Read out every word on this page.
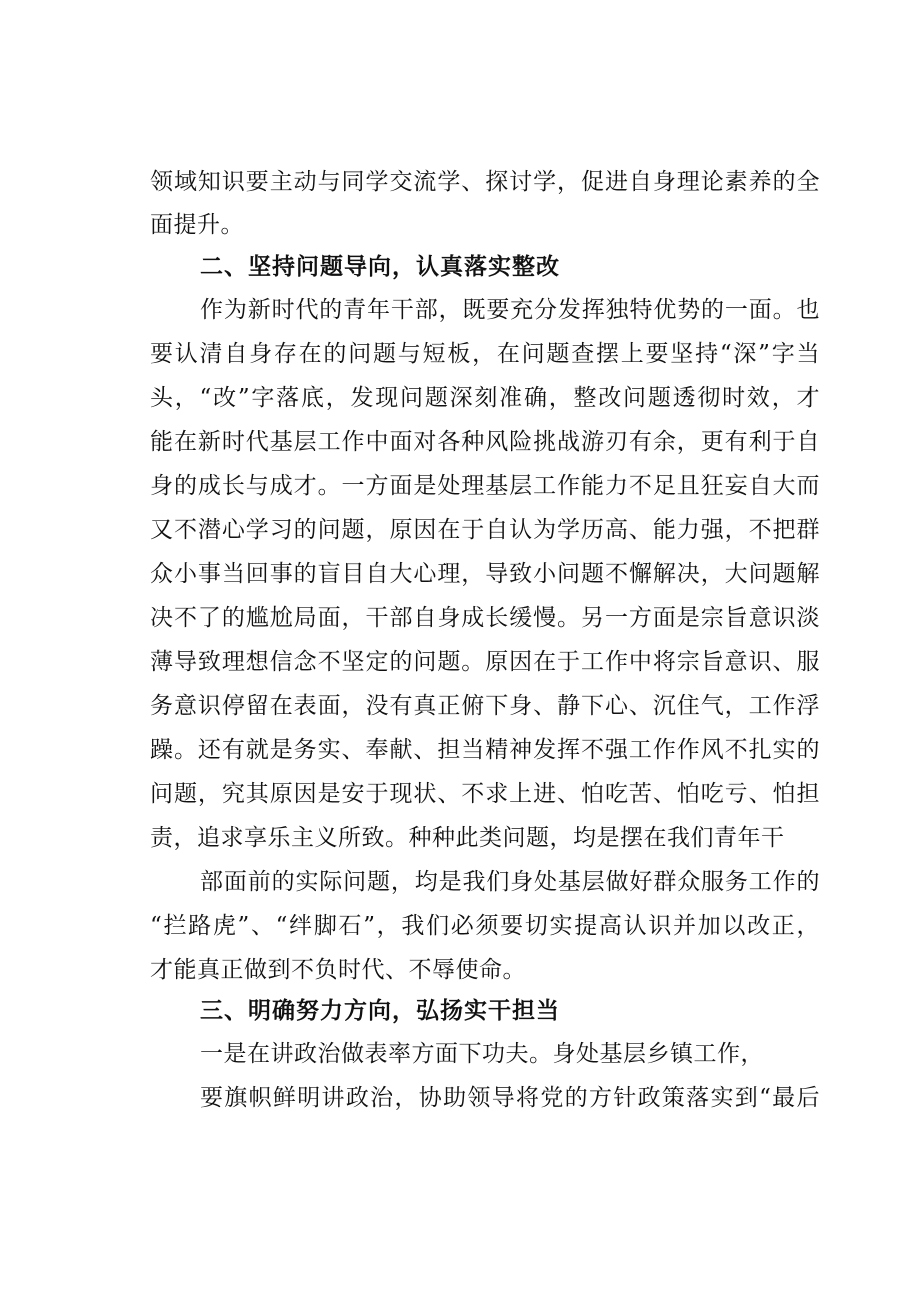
领域知识要主动与同学交流学、探讨学，促进自身理论素养的全
面提升。
二、坚持问题导向，认真落实整改
作为新时代的青年干部，既要充分发挥独特优势的一面。也
要认清自身存在的问题与短板，在问题查摆上要坚持“深”字当
头，“改”字落底，发现问题深刻准确，整改问题透彻时效，才
能在新时代基层工作中面对各种风险挑战游刃有余，更有利于自
身的成长与成才。一方面是处理基层工作能力不足且狂妄自大而
又不潜心学习的问题，原因在于自认为学历高、能力强，不把群
众小事当回事的盲目自大心理，导致小问题不懈解决，大问题解
决不了的尴尬局面，干部自身成长缓慢。另一方面是宗旨意识淡
薄导致理想信念不坚定的问题。原因在于工作中将宗旨意识、服
务意识停留在表面，没有真正俯下身、静下心、沉住气，工作浮
躁。还有就是务实、奉献、担当精神发挥不强工作作风不扎实的
问题，究其原因是安于现状、不求上进、怕吃苦、怕吃亏、怕担
责，追求享乐主义所致。种种此类问题，均是摆在我们青年干
部面前的实际问题，均是我们身处基层做好群众服务工作的
“拦路虎”、“绊脚石”，我们必须要切实提高认识并加以改正，
才能真正做到不负时代、不辱使命。
三、明确努力方向，弘扬实干担当
一是在讲政治做表率方面下功夫。身处基层乡镇工作，
要旗帜鲜明讲政治，协助领导将党的方针政策落实到“最后
